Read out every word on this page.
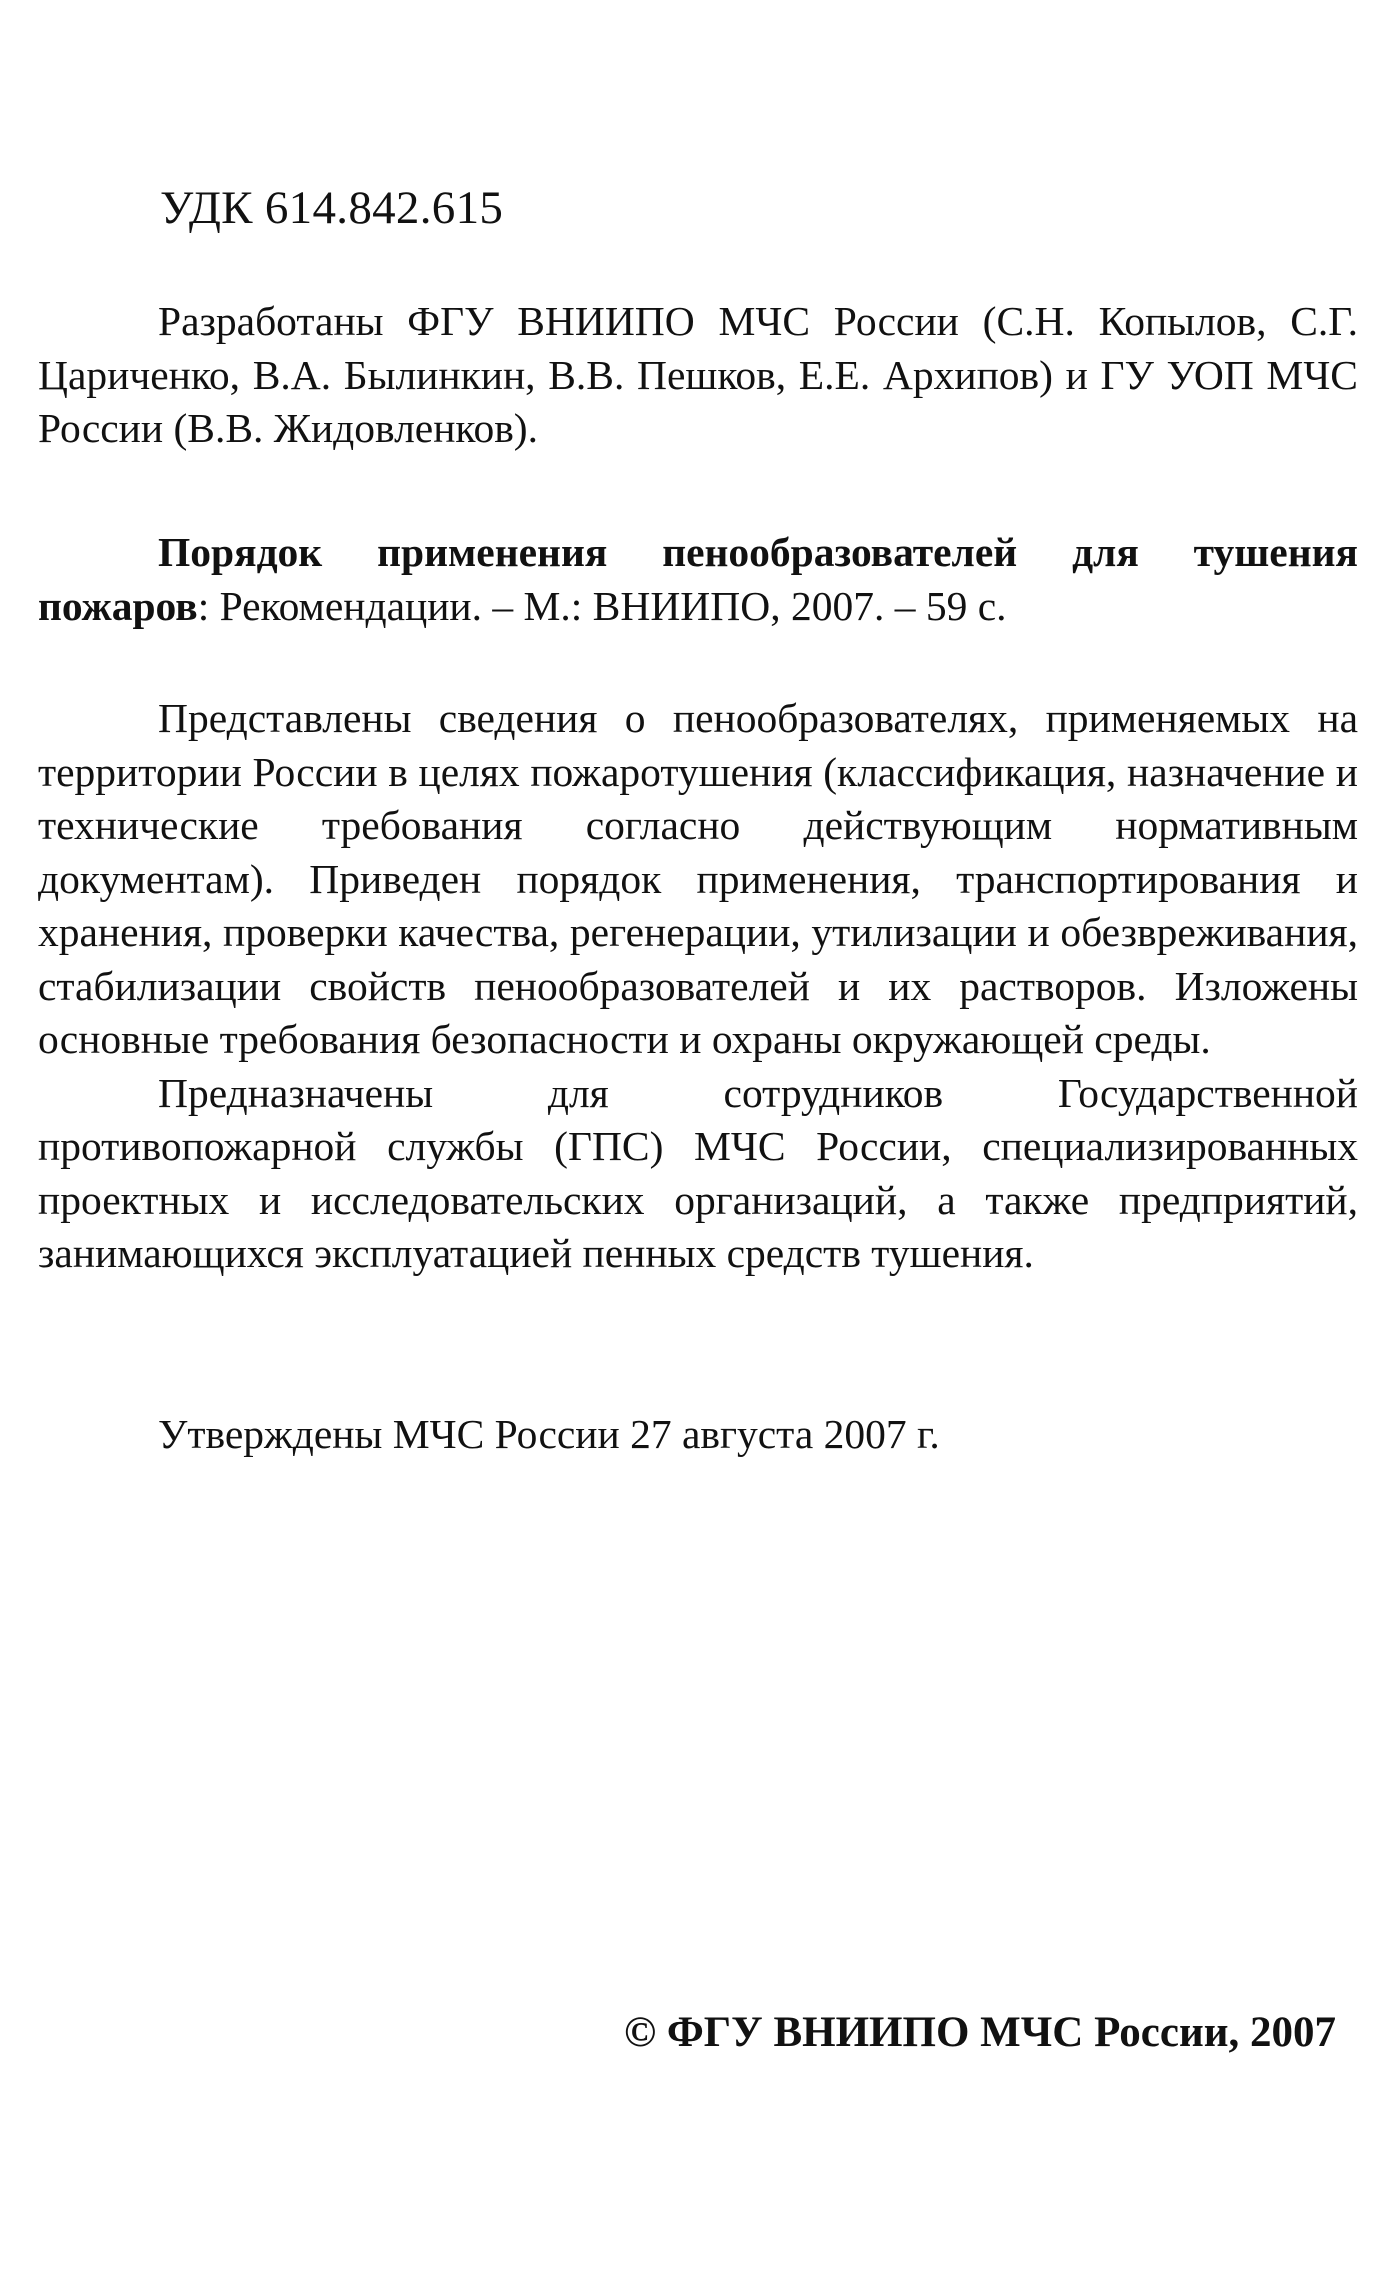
УДК 614.842.615

Разработаны ФГУ ВНИИПО МЧС России (С.Н. Копылов, С.Г. Цариченко, В.А. Былинкин, В.В. Пешков, Е.Е. Архипов) и ГУ УОП МЧС России (В.В. Жидовленков).

Порядок применения пенообразователей для тушения пожаров: Рекомендации. – М.: ВНИИПО, 2007. – 59 с.

Представлены сведения о пенообразователях, применяемых на территории России в целях пожаротушения (классификация, назначение и технические требования согласно действующим нормативным документам). Приведен порядок применения, транспортирования и хранения, проверки качества, регенерации, утилизации и обезвреживания, стабилизации свойств пенообразователей и их растворов. Изложены основные требования безопасности и охраны окружающей среды.

Предназначены для сотрудников Государственной противопожарной службы (ГПС) МЧС России, специализированных проектных и исследовательских организаций, а также предприятий, занимающихся эксплуатацией пенных средств тушения.

Утверждены МЧС России 27 августа 2007 г.

© ФГУ ВНИИПО МЧС России, 2007
